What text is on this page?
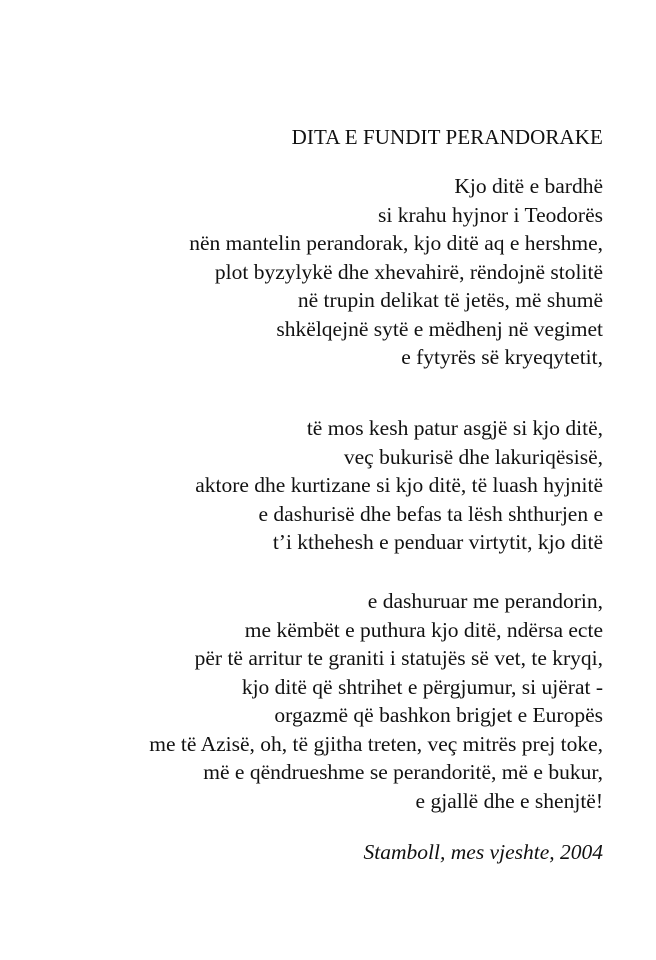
DITA E FUNDIT PERANDORAKE
Kjo ditë e bardhë
si krahu hyjnor i Teodorës
nën mantelin perandorak, kjo ditë aq e hershme,
plot byzylykë dhe xhevahirë, rëndojnë stolitë
në trupin delikat të jetës, më shumë
shkëlqejnë sytë e mëdhenj në vegimet
e fytyrës së kryeqytetit,
të mos kesh patur asgjë si kjo ditë,
veç bukurisë dhe lakuriqësisë,
aktore dhe kurtizane si kjo ditë, të luash hyjnitë
e dashurisë dhe befas ta lësh shthurjen e
t’i kthehesh e penduar virtytit, kjo ditë
e dashuruar me perandorin,
me këmbët e puthura kjo ditë, ndërsa ecte
për të arritur te graniti i statujës së vet, te kryqi,
kjo ditë që shtrihet e përgjumur, si ujërat -
orgazmë që bashkon brigjet e Europës
me të Azisë, oh, të gjitha treten, veç mitrës prej toke,
më e qëndrueshme se perandoritë, më e bukur,
e gjallë dhe e shenjtë!
Stamboll, mes vjeshte, 2004
